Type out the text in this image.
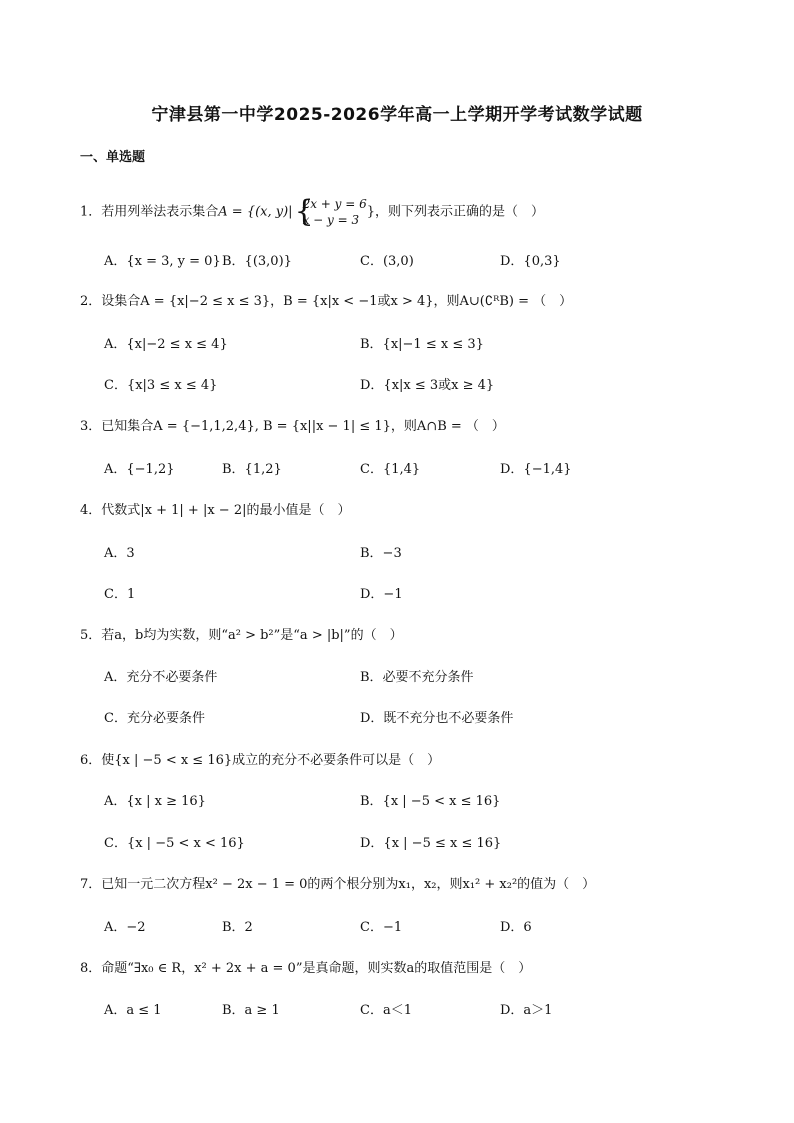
宁津县第一中学2025-2026学年高一上学期开学考试数学试题
一、单选题
1．若用列举法表示集合A = {(x, y)| {
2x + y = 6
x − y = 3
}，则下列表示正确的是（　）
A．{x = 3, y = 0} B．{(3,0)}	C．(3,0)	D．{0,3}
2．设集合A = {x|−2 ≤ x ≤ 3}，B = {x|x < −1或x > 4}，则A∪(∁ᴿB) = （　）
A．{x|−2 ≤ x ≤ 4}	B．{x|−1 ≤ x ≤ 3}
C．{x|3 ≤ x ≤ 4}	D．{x|x ≤ 3或x ≥ 4}
3．已知集合A = {−1,1,2,4}, B = {x||x − 1| ≤ 1}，则A∩B = （　）
A．{−1,2}	B．{1,2}	C．{1,4}	D．{−1,4}
4．代数式|x + 1| + |x − 2|的最小值是（　）
A．3	B．−3
C．1	D．−1
5．若a，b均为实数，则“a² > b²”是“a > |b|”的（　）
A．充分不必要条件	B．必要不充分条件
C．充分必要条件	D．既不充分也不必要条件
6．使{x | −5 < x ≤ 16}成立的充分不必要条件可以是（　）
A．{x | x ≥ 16}	B．{x | −5 < x ≤ 16}
C．{x | −5 < x < 16}	D．{x | −5 ≤ x ≤ 16}
7．已知一元二次方程x² − 2x − 1 = 0的两个根分别为x₁，x₂，则x₁² + x₂²的值为（　）
A．−2	B．2	C．−1	D．6
8．命题“∃x₀ ∈ R，x² + 2x + a = 0”是真命题，则实数a的取值范围是（　）
A．a ≤ 1	B．a ≥ 1	C．a＜1	D．a＞1
